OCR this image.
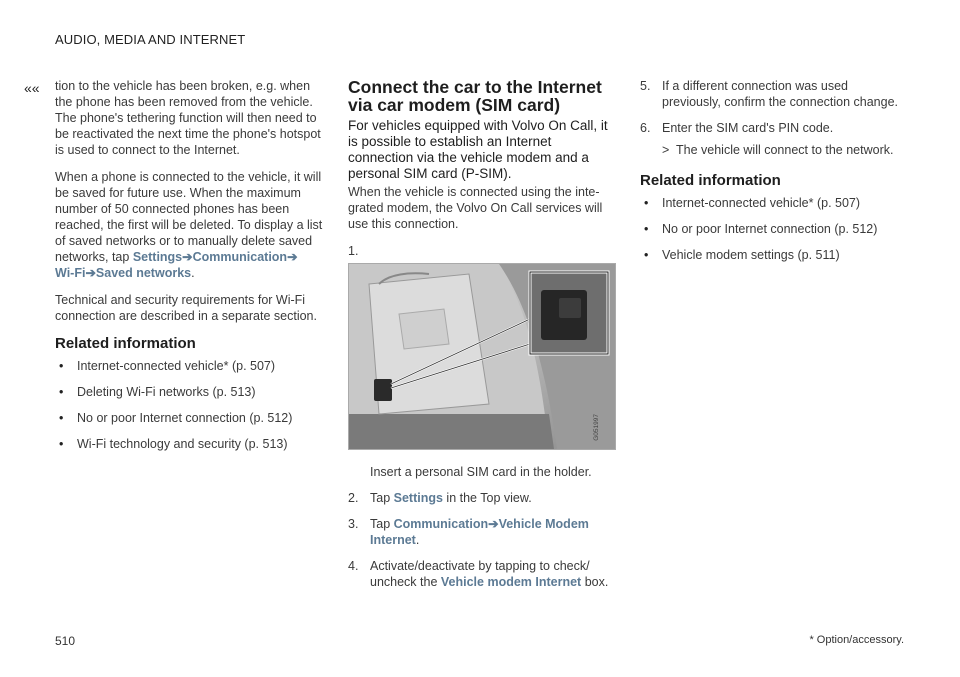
AUDIO, MEDIA AND INTERNET
«« tion to the vehicle has been broken, e.g. when the phone has been removed from the vehicle. The phone's tethering function will then need to be reactivated the next time the phone's hotspot is used to connect to the Internet.

When a phone is connected to the vehicle, it will be saved for future use. When the maximum number of 50 connected phones has been reached, the first will be deleted. To display a list of saved networks or to manually delete saved networks, tap Settings➔Communication➔
Wi-Fi➔Saved networks.

Technical and security requirements for Wi-Fi connection are described in a separate section.

Related information
• Internet-connected vehicle* (p. 507)
• Deleting Wi-Fi networks (p. 513)
• No or poor Internet connection (p. 512)
• Wi-Fi technology and security (p. 513)
Connect the car to the Internet via car modem (SIM card)

For vehicles equipped with Volvo On Call, it is possible to establish an Internet connection via the vehicle modem and a personal SIM card (P-SIM).

When the vehicle is connected using the inte-grated modem, the Volvo On Call services will use this connection.

1.
G051997
Insert a personal SIM card in the holder.
2. Tap Settings in the Top view.
3. Tap Communication➔Vehicle Modem Internet.
4. Activate/deactivate by tapping to check/ uncheck the Vehicle modem Internet box.
5. If a different connection was used previously, confirm the connection change.
6. Enter the SIM card's PIN code.
> The vehicle will connect to the network.
Related information
• Internet-connected vehicle* (p. 507)
• No or poor Internet connection (p. 512)
• Vehicle modem settings (p. 511)
510	* Option/accessory.
